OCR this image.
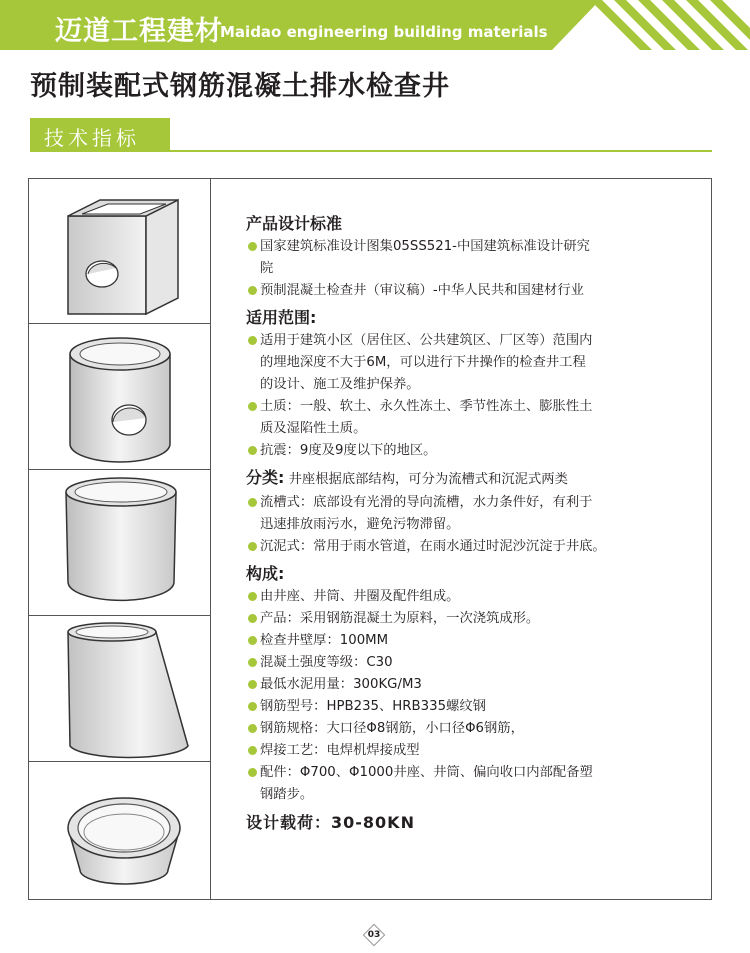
迈道工程建材
Maidao engineering building materials
预制装配式钢筋混凝土排水检查井
技术指标
产品设计标准
国家建筑标准设计图集05SS521-中国建筑标准设计研究
院
预制混凝土检查井（审议稿）-中华人民共和国建材行业
适用范围:
适用于建筑小区（居住区、公共建筑区、厂区等）范围内
的埋地深度不大于6M，可以进行下井操作的检查井工程
的设计、施工及维护保养。
土质：一般、软土、永久性冻土、季节性冻土、膨胀性土
质及湿陷性土质。
抗震：9度及9度以下的地区。
分类: 井座根据底部结构，可分为流槽式和沉泥式两类
流槽式：底部设有光滑的导向流槽，水力条件好，有利于
迅速排放雨污水，避免污物滞留。
沉泥式：常用于雨水管道，在雨水通过时泥沙沉淀于井底。
构成:
由井座、井筒、井圈及配件组成。
产品：采用钢筋混凝土为原料，一次浇筑成形。
检查井壁厚：100MM
混凝土强度等级：C30
最低水泥用量：300KG/M3
钢筋型号：HPB235、HRB335螺纹钢
钢筋规格：大口径Φ8钢筋，小口径Φ6钢筋，
焊接工艺：电焊机焊接成型
配件：Φ700、Φ1000井座、井筒、偏向收口内部配备塑
钢踏步。
设计载荷：30-80KN
03
